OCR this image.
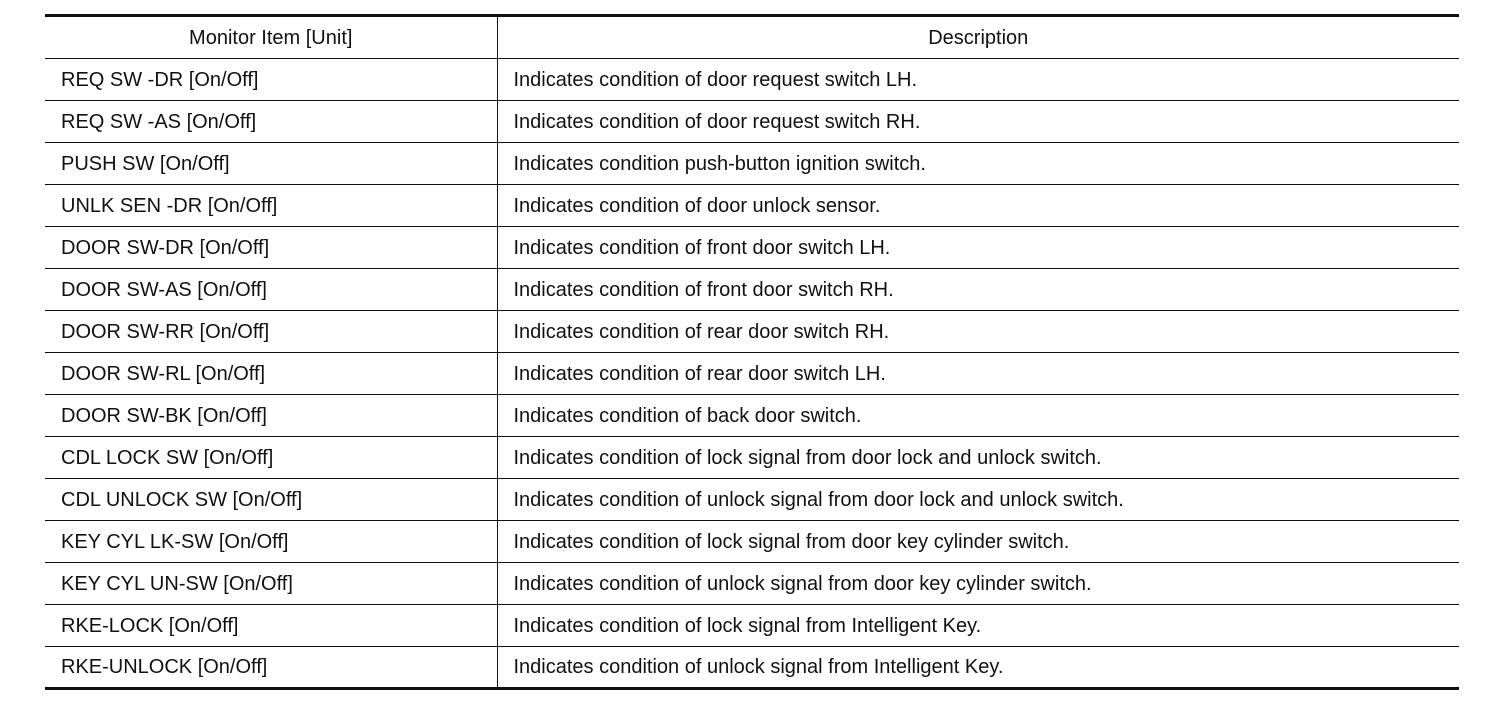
Monitor Item [Unit]	Description
REQ SW -DR [On/Off]	Indicates condition of door request switch LH.
REQ SW -AS [On/Off]	Indicates condition of door request switch RH.
PUSH SW [On/Off]	Indicates condition push-button ignition switch.
UNLK SEN -DR [On/Off]	Indicates condition of door unlock sensor.
DOOR SW-DR [On/Off]	Indicates condition of front door switch LH.
DOOR SW-AS [On/Off]	Indicates condition of front door switch RH.
DOOR SW-RR [On/Off]	Indicates condition of rear door switch RH.
DOOR SW-RL [On/Off]	Indicates condition of rear door switch LH.
DOOR SW-BK [On/Off]	Indicates condition of back door switch.
CDL LOCK SW [On/Off]	Indicates condition of lock signal from door lock and unlock switch.
CDL UNLOCK SW [On/Off]	Indicates condition of unlock signal from door lock and unlock switch.
KEY CYL LK-SW [On/Off]	Indicates condition of lock signal from door key cylinder switch.
KEY CYL UN-SW [On/Off]	Indicates condition of unlock signal from door key cylinder switch.
RKE-LOCK [On/Off]	Indicates condition of lock signal from Intelligent Key.
RKE-UNLOCK [On/Off]	Indicates condition of unlock signal from Intelligent Key.
